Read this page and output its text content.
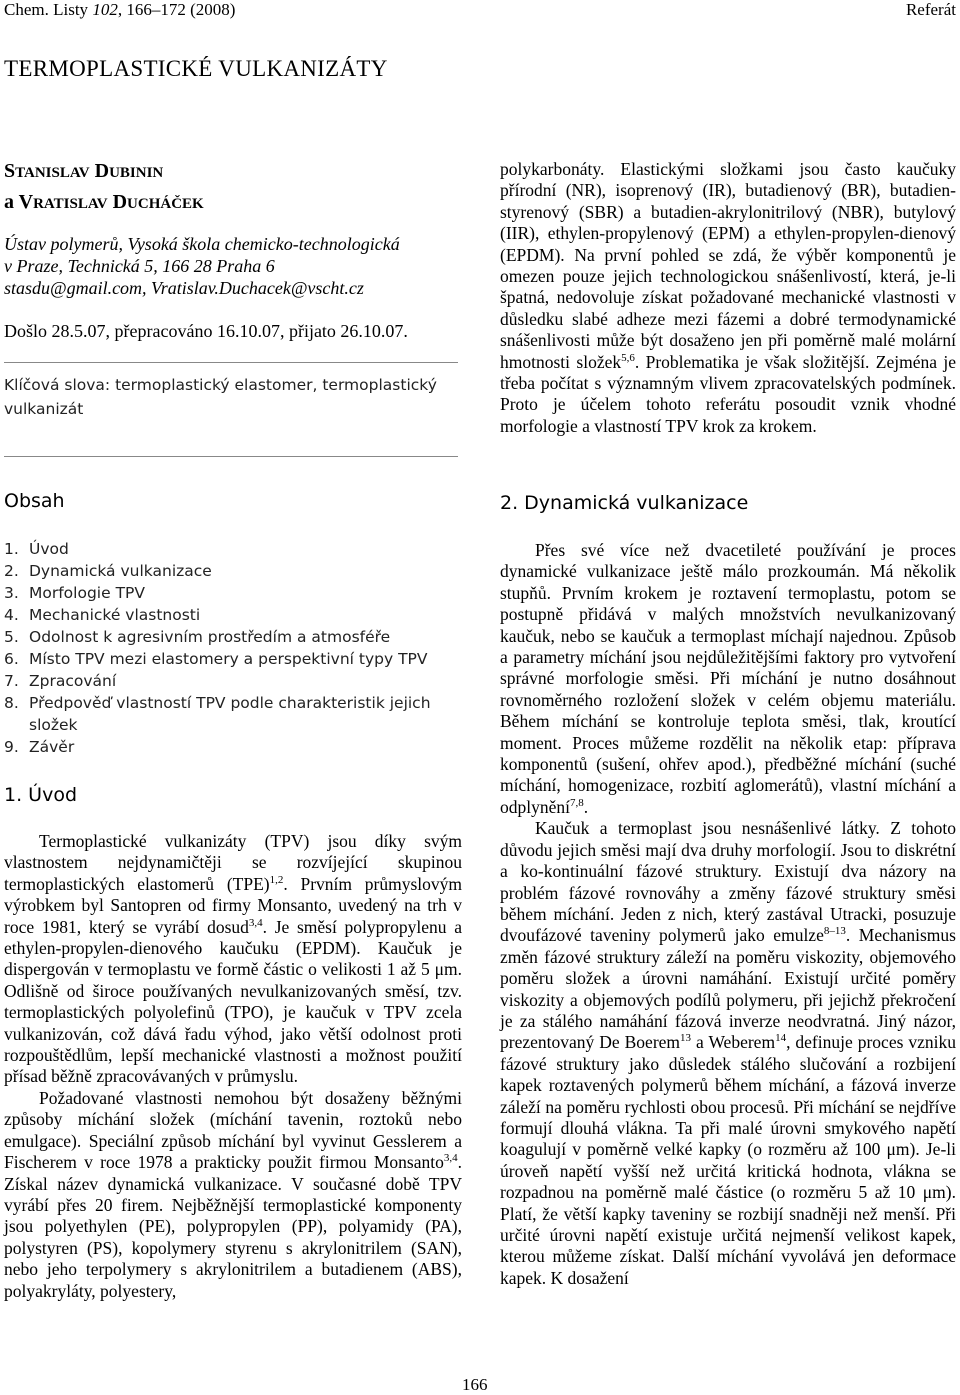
Chem. Listy 102, 166–172 (2008)	Referát
TERMOPLASTICKÉ VULKANIZÁTY
STANISLAV DUBININ
a VRATISLAV DUCHÁČEK
Ústav polymerů, Vysoká škola chemicko-technologická
v Praze, Technická 5, 166 28 Praha 6
stasdu@gmail.com, Vratislav.Duchacek@vscht.cz
Došlo 28.5.07, přepracováno 16.10.07, přijato 26.10.07.
Klíčová slova: termoplastický elastomer, termoplastický vulkanizát
Obsah
1. Úvod
2. Dynamická vulkanizace
3. Morfologie TPV
4. Mechanické vlastnosti
5. Odolnost k agresivním prostředím a atmosféře
6. Místo TPV mezi elastomery a perspektivní typy TPV
7. Zpracování
8. Předpověď vlastností TPV podle charakteristik jejich složek
9. Závěr
1. Úvod

Termoplastické vulkanizáty (TPV) jsou díky svým vlastnostem nejdynamičtěji se rozvíjející skupinou termoplastických elastomerů (TPE)$^{1,2}$. Prvním průmyslovým výrobkem byl Santopren od firmy Monsanto, uvedený na trh v roce 1981, který se vyrábí dosud$^{3,4}$. Je směsí polypropylenu a ethylen-propylen-dienového kaučuku (EPDM). Kaučuk je dispergován v termoplastu ve formě částic o velikosti 1 až 5 μm. Odlišně od široce používaných nevulkanizovaných směsí, tzv. termoplastických polyolefinů (TPO), je kaučuk v TPV zcela vulkanizován, což dává řadu výhod, jako větší odolnost proti rozpouštědlům, lepší mechanické vlastnosti a možnost použití přísad běžně zpracovávaných v průmyslu.

Požadované vlastnosti nemohou být dosaženy běžnými způsoby míchání složek (míchání tavenin, roztoků nebo emulgace). Speciální způsob míchání byl vyvinut Gesslerem a Fischerem v roce 1978 a prakticky použit firmou Monsanto$^{3,4}$. Získal název dynamická vulkanizace. V současné době TPV vyrábí přes 20 firem. Nejběžnější termoplastické komponenty jsou polyethylen (PE), polypropylen (PP), polyamidy (PA), polystyren (PS), kopolymery styrenu s akrylonitrilem (SAN), nebo jeho terpolymery s akrylonitrilem a butadienem (ABS), polyakryláty, polyestery,

polykarbonáty. Elastickými složkami jsou často kaučuky přírodní (NR), isoprenový (IR), butadienový (BR), butadien-styrenový (SBR) a butadien-akrylonitrilový (NBR), butylový (IIR), ethylen-propylenový (EPM) a ethylen-propylen-dienový (EPDM). Na první pohled se zdá, že výběr komponentů je omezen pouze jejich technologickou snášenlivostí, která, je-li špatná, nedovoluje získat požadované mechanické vlastnosti v důsledku slabé adheze mezi fázemi a dobré termodynamické snášenlivosti může být dosaženo jen při poměrně malé molární hmotnosti složek$^{5,6}$. Problematika je však složitější. Zejména je třeba počítat s významným vlivem zpracovatelských podmínek. Proto je účelem tohoto referátu posoudit vznik vhodné morfologie a vlastností TPV krok za krokem.

2. Dynamická vulkanizace

Přes své více než dvacetileté používání je proces dynamické vulkanizace ještě málo prozkoumán. Má několik stupňů. Prvním krokem je roztavení termoplastu, potom se postupně přidává v malých množstvích nevulkanizovaný kaučuk, nebo se kaučuk a termoplast míchají najednou. Způsob a parametry míchání jsou nejdůležitějšími faktory pro vytvoření správné morfologie směsi. Při míchání je nutno dosáhnout rovnoměrného rozložení složek v celém objemu materiálu. Během míchání se kontroluje teplota směsi, tlak, kroutící moment. Proces můžeme rozdělit na několik etap: příprava komponentů (sušení, ohřev apod.), předběžné míchání (suché míchání, homogenizace, rozbití aglomerátů), vlastní míchání a odplynění$^{7,8}$.

Kaučuk a termoplast jsou nesnášenlivé látky. Z tohoto důvodu jejich směsi mají dva druhy morfologií. Jsou to diskrétní a ko-kontinuální fázové struktury. Existují dva názory na problém fázové rovnováhy a změny fázové struktury směsi během míchání. Jeden z nich, který zastával Utracki, posuzuje dvoufázové taveniny polymerů jako emulze$^{8-13}$. Mechanismus změn fázové struktury záleží na poměru viskozity, objemového poměru složek a úrovni namáhání. Existují určité poměry viskozity a objemových podílů polymeru, při jejichž překročení je za stálého namáhání fázová inverze neodvratná. Jiný názor, prezentovaný De Boerem$^{13}$ a Weberem$^{14}$, definuje proces vzniku fázové struktury jako důsledek stálého slučování a rozbijení kapek roztavených polymerů během míchání, a fázová inverze záleží na poměru rychlosti obou procesů. Při míchání se nejdříve formují dlouhá vlákna. Ta při malé úrovni smykového napětí koagulují v poměrně velké kapky (o rozměru až 100 μm). Je-li úroveň napětí vyšší než určitá kritická hodnota, vlákna se rozpadnou na poměrně malé částice (o rozměru 5 až 10 μm). Platí, že větší kapky taveniny se rozbijí snadněji než menší. Při určité úrovni napětí existuje určitá nejmenší velikost kapek, kterou můžeme získat. Další míchání vyvolává jen deformace kapek. K dosažení

166
